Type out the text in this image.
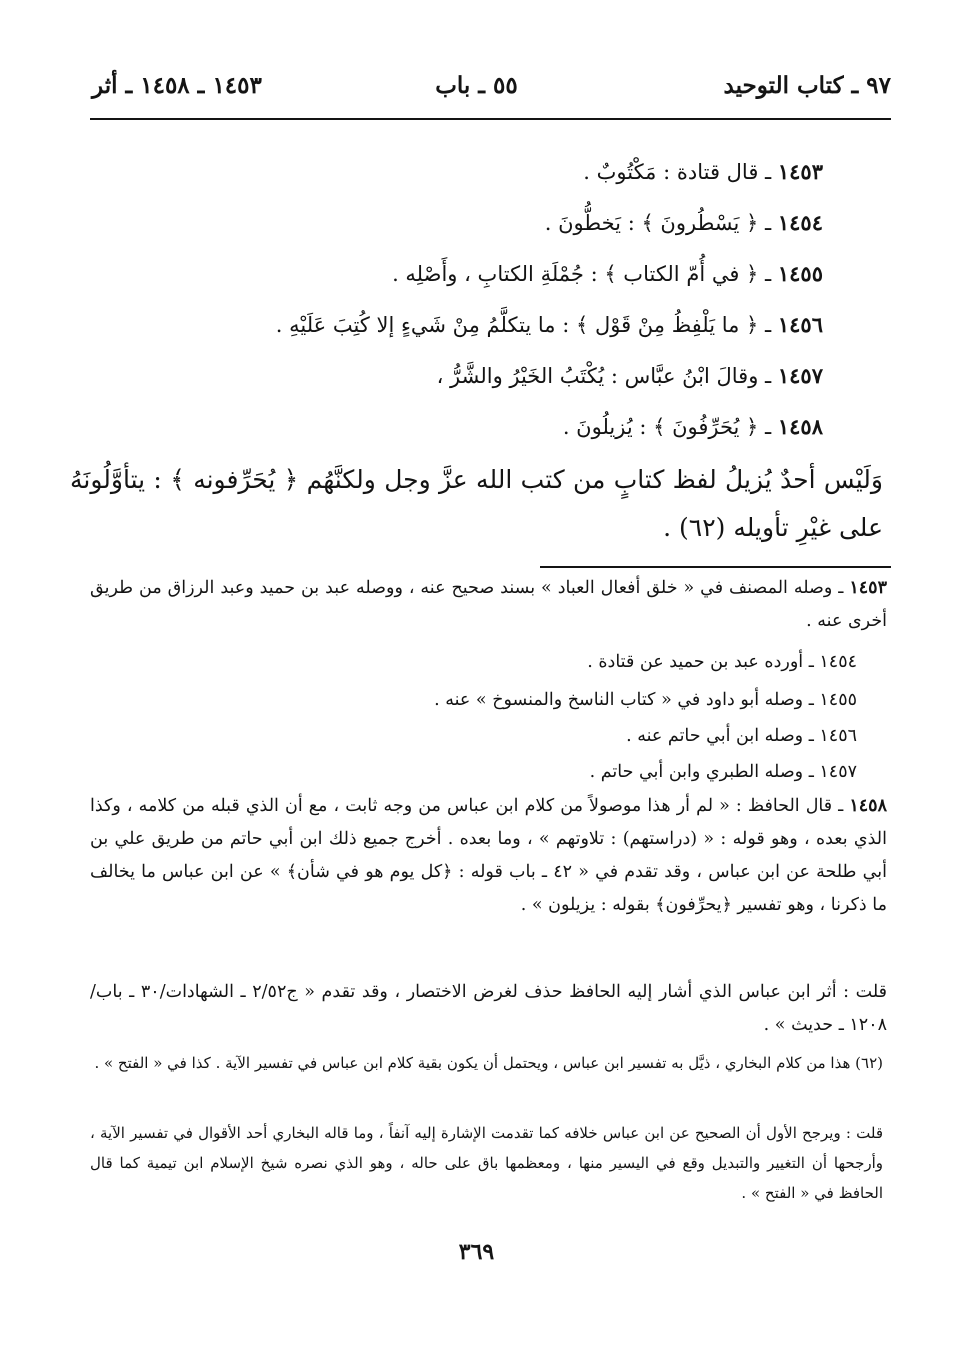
٩٧ ـ كتاب التوحيد
٥٥ ـ باب
١٤٥٣ ـ ١٤٥٨ ـ أثر
١٤٥٣ ـ قال قتادة : مَكْتُوبٌ .
١٤٥٤ ـ ﴿ يَسْطُرونَ ﴾ : يَخطُّونَ .
١٤٥٥ ـ ﴿ في أُمّ الكتاب ﴾ : جُمْلَةِ الكتابِ ، وأَصْلِه .
١٤٥٦ ـ ﴿ ما يَلْفِظُ مِنْ قَوْل ﴾ : ما يتكلَّمُ مِنْ شَيءٍ إلا كُتِبَ عَلَيْهِ .
١٤٥٧ ـ وقالَ ابْنُ عبَّاس : يُكْتَبُ الخَيْرُ والشَّرُّ ،
١٤٥٨ ـ ﴿ يُحَرِّفُونَ ﴾ : يُزيلُونَ .
وَلَيْس أحدٌ يُزيلُ لفظ كتابٍ من كتب الله عزَّ وجل ولكنَّهُم ﴿ يُحَرِّفونه ﴾ : يتأوَّلُونَهُ على غيْرِ تأويله (٦٢) .
١٤٥٣ ـ وصله المصنف في « خلق أفعال العباد » بسند صحيح عنه ، ووصله عبد بن حميد وعبد الرزاق من طريق أخرى عنه .
١٤٥٤ ـ أورده عبد بن حميد عن قتادة .
١٤٥٥ ـ وصله أبو داود في « كتاب الناسخ والمنسوخ » عنه .
١٤٥٦ ـ وصله ابن أبي حاتم عنه .
١٤٥٧ ـ وصله الطبري وابن أبي حاتم .
١٤٥٨ ـ قال الحافظ : « لم أر هذا موصولاً من كلام ابن عباس من وجه ثابت ، مع أن الذي قبله من كلامه ، وكذا الذي بعده ، وهو قوله : « (دراستهم) : تلاوتهم » ، وما بعده . أخرج جميع ذلك ابن أبي حاتم من طريق علي بن أبي طلحة عن ابن عباس ، وقد تقدم في « ٤٢ ـ باب قوله : ﴿كل يوم هو في شأن﴾ » عن ابن عباس ما يخالف ما ذكرنا ، وهو تفسير ﴿يحرِّفون﴾ بقوله : يزيلون » .
قلت : أثر ابن عباس الذي أشار إليه الحافظ حذف لغرض الاختصار ، وقد تقدم « ج٢/٥٢ ـ الشهادات/٣٠ ـ باب/ ١٢٠٨ ـ حديث » .
(٦٢) هذا من كلام البخاري ، ذيَّل به تفسير ابن عباس ، ويحتمل أن يكون بقية كلام ابن عباس في تفسير الآية . كذا في « الفتح » .
قلت : ويرجح الأول أن الصحيح عن ابن عباس خلافه كما تقدمت الإشارة إليه آنفاً ، وما قاله البخاري أحد الأقوال في تفسير الآية ، وأرجحها أن التغيير والتبديل وقع في اليسير منها ، ومعظمها باق على حاله ، وهو الذي نصره شيخ الإسلام ابن تيمية كما قال الحافظ في « الفتح » .
٣٦٩
